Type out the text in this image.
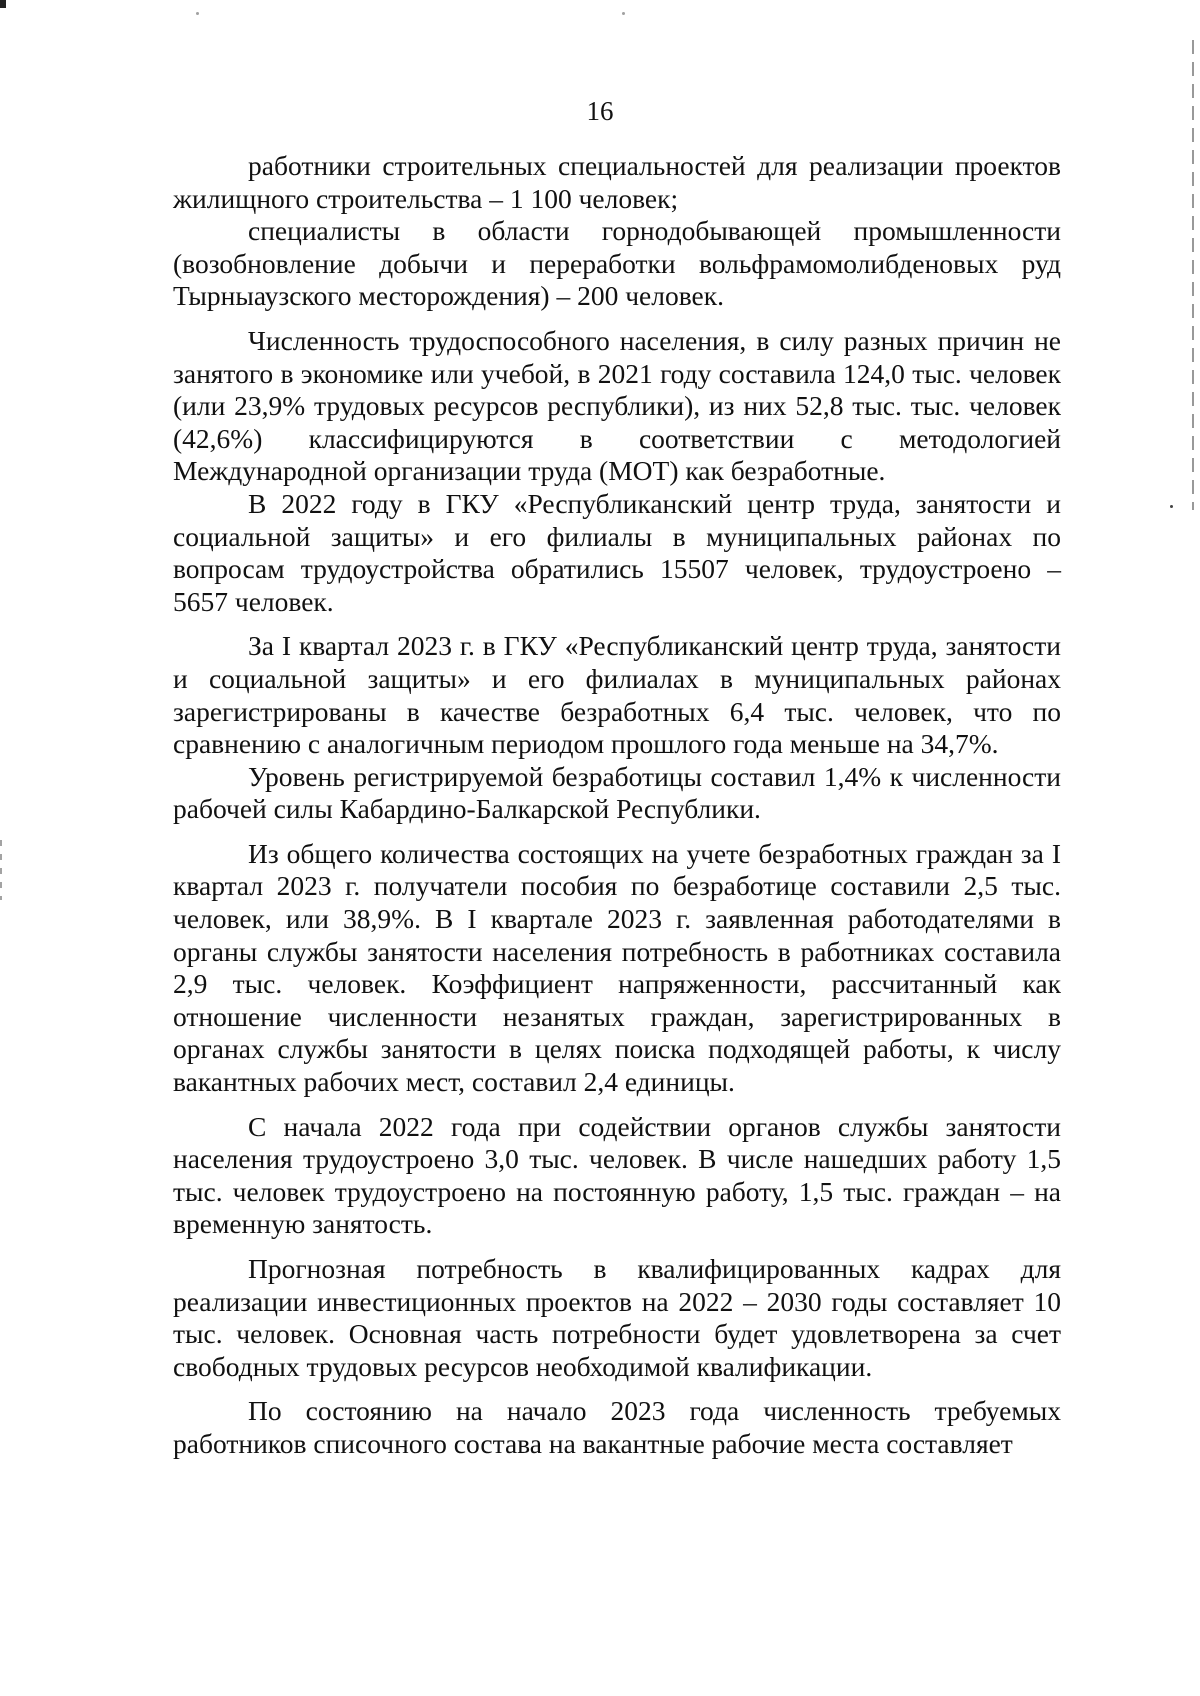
16

работники строительных специальностей для реализации проектов жилищного строительства – 1 100 человек;

специалисты в области горнодобывающей промышленности (возобновление добычи и переработки вольфрамомолибденовых руд Тырныаузского месторождения) – 200 человек.

Численность трудоспособного населения, в силу разных причин не занятого в экономике или учебой, в 2021 году составила 124,0 тыс. человек (или 23,9% трудовых ресурсов республики), из них 52,8 тыс. тыс. человек (42,6%) классифицируются в соответствии с методологией Международной организации труда (МОТ) как безработные.

В 2022 году в ГКУ «Республиканский центр труда, занятости и социальной защиты» и его филиалы в муниципальных районах по вопросам трудоустройства обратились 15507 человек, трудоустроено – 5657 человек.

За I квартал 2023 г. в ГКУ «Республиканский центр труда, занятости и социальной защиты» и его филиалах в муниципальных районах зарегистрированы в качестве безработных 6,4 тыс. человек, что по сравнению с аналогичным периодом прошлого года меньше на 34,7%.

Уровень регистрируемой безработицы составил 1,4% к численности рабочей силы Кабардино-Балкарской Республики.

Из общего количества состоящих на учете безработных граждан за I квартал 2023 г. получатели пособия по безработице составили 2,5 тыс. человек, или 38,9%. В I квартале 2023 г. заявленная работодателями в органы службы занятости населения потребность в работниках составила 2,9 тыс. человек. Коэффициент напряженности, рассчитанный как отношение численности незанятых граждан, зарегистрированных в органах службы занятости в целях поиска подходящей работы, к числу вакантных рабочих мест, составил 2,4 единицы.

С начала 2022 года при содействии органов службы занятости населения трудоустроено 3,0 тыс. человек. В числе нашедших работу 1,5 тыс. человек трудоустроено на постоянную работу, 1,5 тыс. граждан – на временную занятость.

Прогнозная потребность в квалифицированных кадрах для реализации инвестиционных проектов на 2022 – 2030 годы составляет 10 тыс. человек. Основная часть потребности будет удовлетворена за счет свободных трудовых ресурсов необходимой квалификации.

По состоянию на начало 2023 года численность требуемых работников списочного состава на вакантные рабочие места составляет
